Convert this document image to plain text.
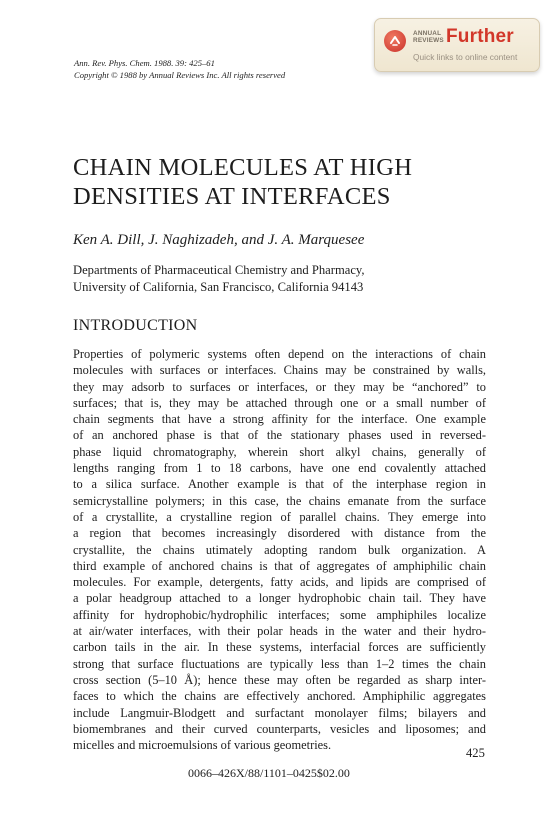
Ann. Rev. Phys. Chem. 1988. 39: 425–61
Copyright © 1988 by Annual Reviews Inc. All rights reserved
ANNUAL
REVIEWS Further
Quick links to online content
CHAIN MOLECULES AT HIGH
DENSITIES AT INTERFACES
Ken A. Dill, J. Naghizadeh, and J. A. Marquesee
Departments of Pharmaceutical Chemistry and Pharmacy,
University of California, San Francisco, California 94143
INTRODUCTION
Properties of polymeric systems often depend on the interactions of chain
molecules with surfaces or interfaces. Chains may be constrained by walls,
they may adsorb to surfaces or interfaces, or they may be “anchored” to
surfaces; that is, they may be attached through one or a small number of
chain segments that have a strong affinity for the interface. One example
of an anchored phase is that of the stationary phases used in reversed-
phase liquid chromatography, wherein short alkyl chains, generally of
lengths ranging from 1 to 18 carbons, have one end covalently attached
to a silica surface. Another example is that of the interphase region in
semicrystalline polymers; in this case, the chains emanate from the surface
of a crystallite, a crystalline region of parallel chains. They emerge into
a region that becomes increasingly disordered with distance from the
crystallite, the chains utimately adopting random bulk organization. A
third example of anchored chains is that of aggregates of amphiphilic chain
molecules. For example, detergents, fatty acids, and lipids are comprised of
a polar headgroup attached to a longer hydrophobic chain tail. They have
affinity for hydrophobic/hydrophilic interfaces; some amphiphiles localize
at air/water interfaces, with their polar heads in the water and their hydro-
carbon tails in the air. In these systems, interfacial forces are sufficiently
strong that surface fluctuations are typically less than 1–2 times the chain
cross section (5–10 Å); hence these may often be regarded as sharp inter-
faces to which the chains are effectively anchored. Amphiphilic aggregates
include Langmuir-Blodgett and surfactant monolayer films; bilayers and
biomembranes and their curved counterparts, vesicles and liposomes; and
micelles and microemulsions of various geometries.
425
0066–426X/88/1101–0425$02.00
